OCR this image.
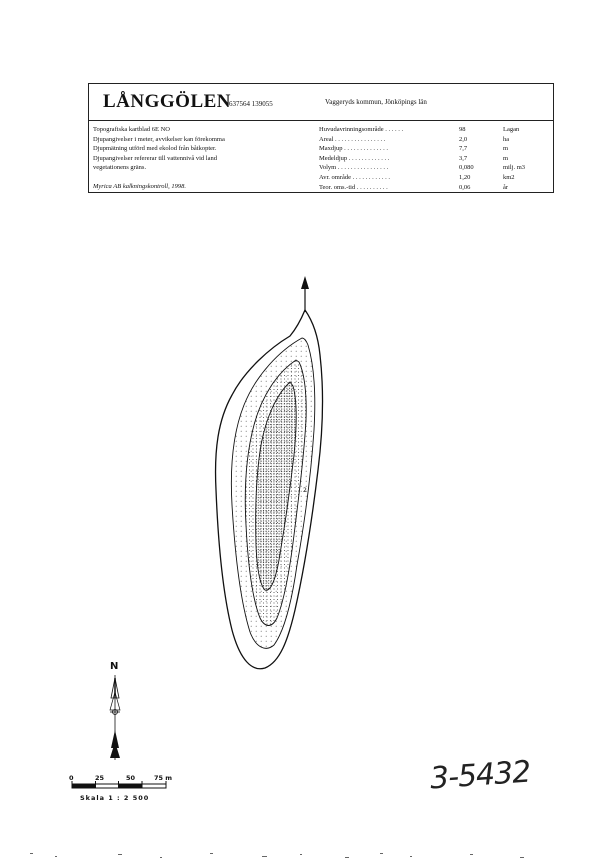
LÅNGGÖLEN
637564 139055	Vaggeryds kommun, Jönköpings län
Topografiska kartblad 6E NO
Djupangivelser i meter, avvikelser kan förekomma
Djupmätning utförd med ekolod från båtkopter.
Djupangivelser refererar till vattennivå vid land
vegetationens gräns.
Myrica AB kalkningskontroll, 1998.
Huvudavrinningsområde . . . . . .	98	Lagan
Areal . . . . . . . . . . . . . . . .	2,0	ha
Maxdjup . . . . . . . . . . . . . .	7,7	m
Medeldjup . . . . . . . . . . . . .	3,7	m
Volym . . . . . . . . . . . . . . . .	0,080	milj. m3
Avr. område . . . . . . . . . . . .	1,20	km2
Teor. oms.-tid . . . . . . . . . .	0,06	år
2
N
0	25	50	75 m
Skala 1 : 2 500
3-5432
